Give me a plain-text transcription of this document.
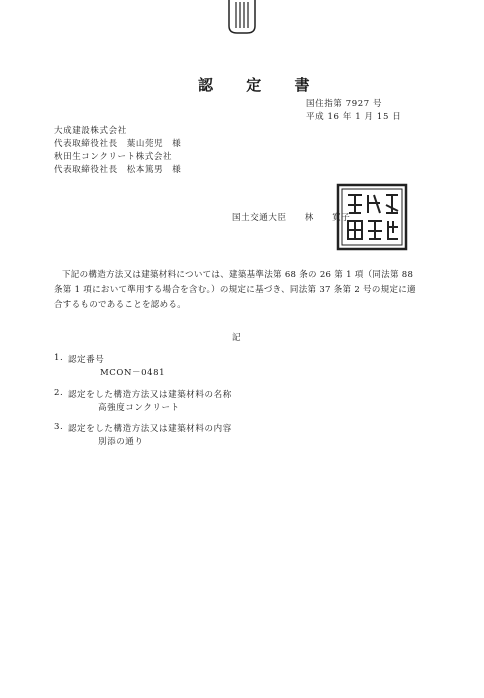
認 定 書
国住指第 7927 号
平成 16 年 1 月 15 日
大成建設株式会社
代表取締役社長　葉山莞児　様
秋田生コンクリート株式会社
代表取締役社長　松本篤男　様
国土交通大臣　　林　　寛子
下記の構造方法又は建築材料については、建築基準法第 68 条の 26 第 1 項（同法第 88 条第 1 項において準用する場合を含む。）の規定に基づき、同法第 37 条第 2 号の規定に適合するものであることを認める。
記
1. 認定番号
MCON－0481
2. 認定をした構造方法又は建築材料の名称
高強度コンクリート
3. 認定をした構造方法又は建築材料の内容
別添の通り
